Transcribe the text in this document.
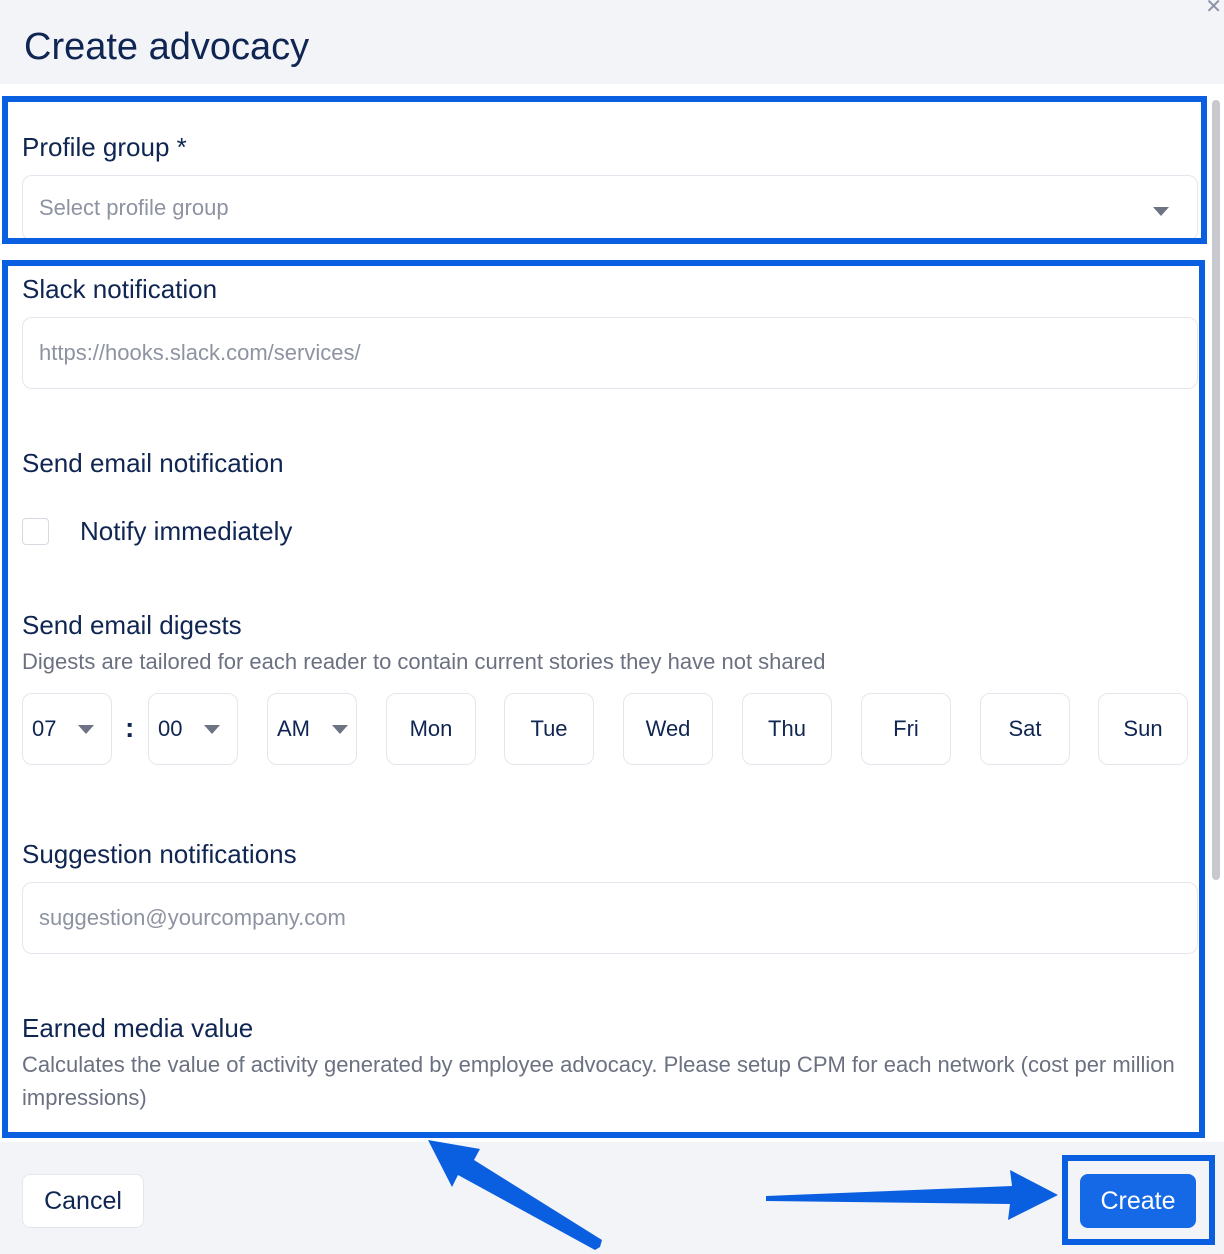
Create advocacy
✕
Profile group *
Select profile group
Slack notification
https://hooks.slack.com/services/
Send email notification
Notify immediately
Send email digests
Digests are tailored for each reader to contain current stories they have not shared
07 : 00	AM	Mon	Tue	Wed	Thu	Fri	Sat	Sun
Suggestion notifications
suggestion@yourcompany.com
Earned media value
Calculates the value of activity generated by employee advocacy. Please setup CPM for each network (cost per million impressions)
Cancel	Create
